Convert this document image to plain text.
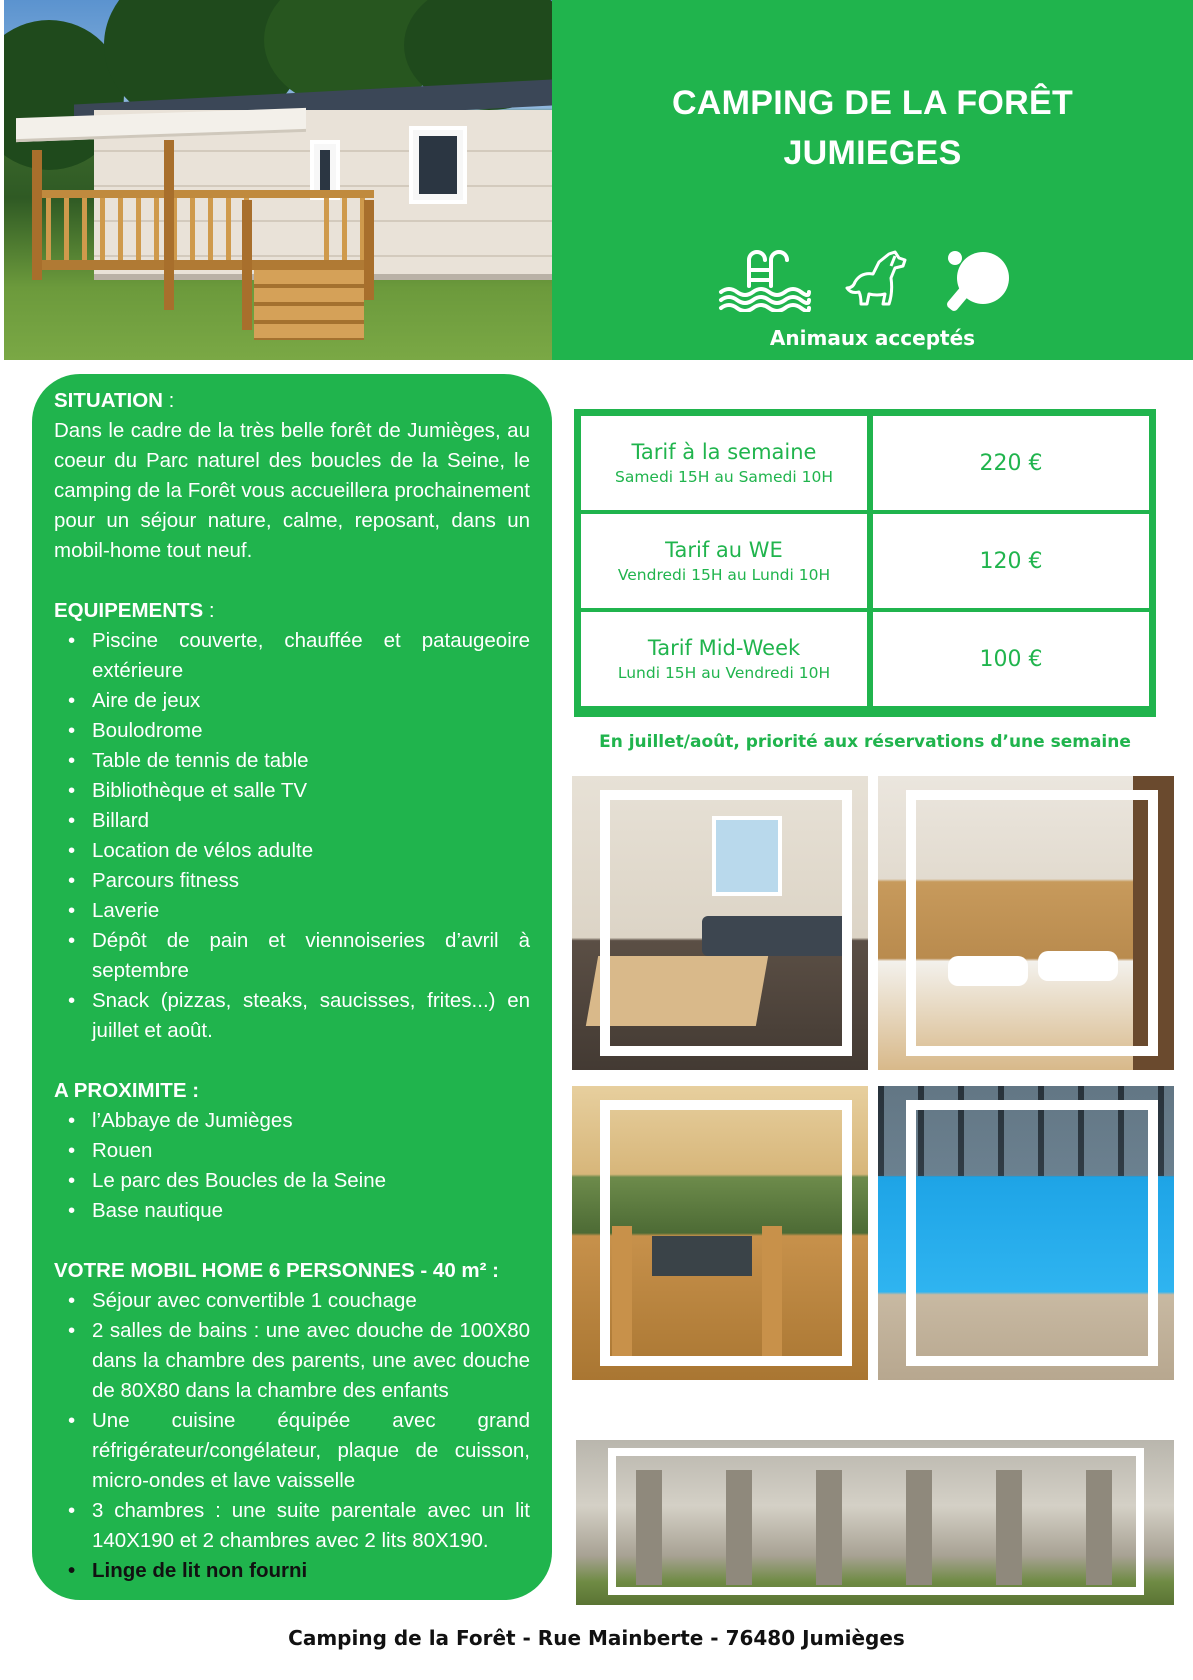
CAMPING DE LA FORÊT
JUMIEGES
Animaux acceptés
SITUATION :

Dans le cadre de la très belle forêt de Jumièges, au coeur du Parc naturel des boucles de la Seine, le camping de la Forêt vous accueillera prochainement pour un séjour nature, calme, reposant, dans un mobil-home tout neuf.

EQUIPEMENTS :
• Piscine couverte, chauffée et pataugeoire extérieure
• Aire de jeux
• Boulodrome
• Table de tennis de table
• Bibliothèque et salle TV
• Billard
• Location de vélos adulte
• Parcours fitness
• Laverie
• Dépôt de pain et viennoiseries d’avril à septembre
• Snack (pizzas, steaks, saucisses, frites...) en juillet et août.
A PROXIMITE :
• l’Abbaye de Jumièges
• Rouen
• Le parc des Boucles de la Seine
• Base nautique
VOTRE MOBIL HOME 6 PERSONNES - 40 m² :
• Séjour avec convertible 1 couchage
• 2 salles de bains : une avec douche de 100X80 dans la chambre des parents, une avec douche de 80X80 dans la chambre des enfants
• Une cuisine équipée avec grand réfrigérateur/congélateur, plaque de cuisson, micro-ondes et lave vaisselle
• 3 chambres : une suite parentale avec un lit 140X190 et 2 chambres avec 2 lits 80X190.
• Linge de lit non fourni
Tarif à la semaine
Samedi 15H au Samedi 10H
220 €
Tarif au WE
Vendredi 15H au Lundi 10H
120 €
Tarif Mid-Week
Lundi 15H au Vendredi 10H
100 €
En juillet/août, priorité aux réservations d’une semaine
Camping de la Forêt - Rue Mainberte - 76480 Jumièges
